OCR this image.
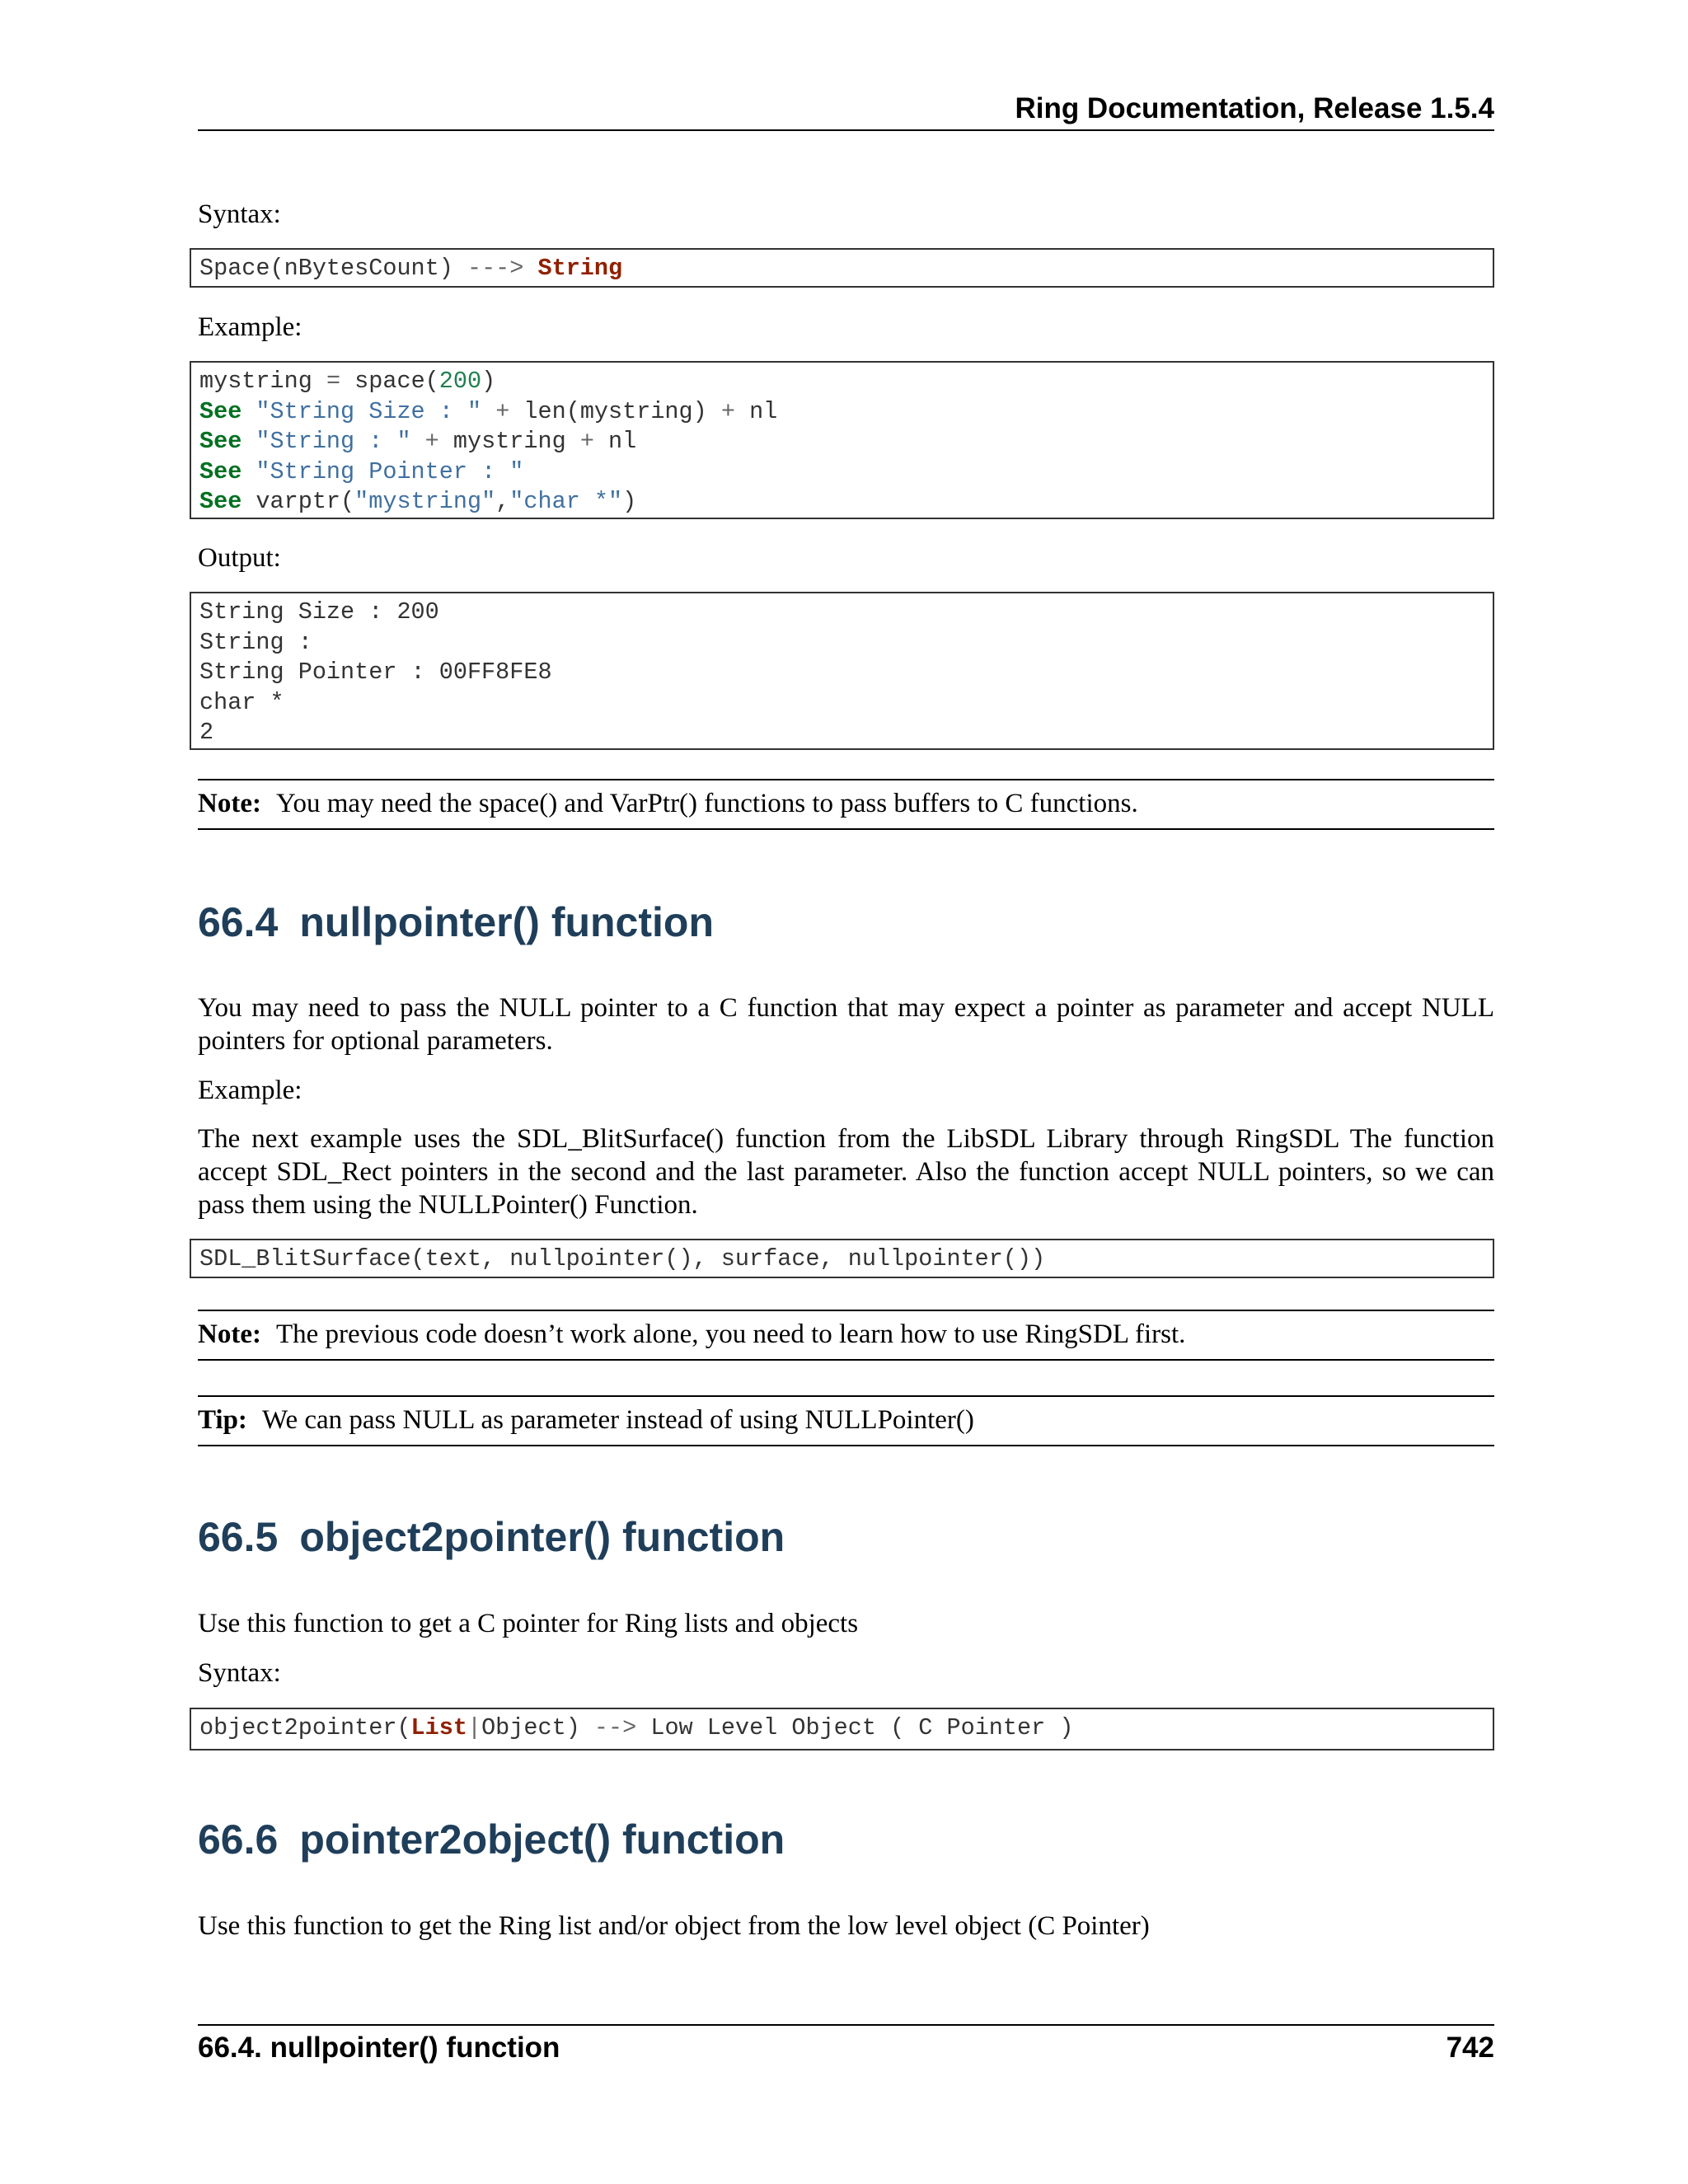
Ring Documentation, Release 1.5.4

Syntax:

Space(nBytesCount) ---> String

Example:

mystring = space(200)
See "String Size : " + len(mystring) + nl
See "String : " + mystring + nl
See "String Pointer : "
See varptr("mystring","char *")

Output:

String Size : 200
String :
String Pointer : 00FF8FE8
char *
2
Note: You may need the space() and VarPtr() functions to pass buffers to C functions.
66.4 nullpointer() function

You may need to pass the NULL pointer to a C function that may expect a pointer as parameter and accept NULL pointers for optional parameters.

Example:

The next example uses the SDL_BlitSurface() function from the LibSDL Library through RingSDL The function accept SDL_Rect pointers in the second and the last parameter. Also the function accept NULL pointers, so we can pass them using the NULLPointer() Function.

SDL_BlitSurface(text, nullpointer(), surface, nullpointer())
Note: The previous code doesn’t work alone, you need to learn how to use RingSDL first.
Tip: We can pass NULL as parameter instead of using NULLPointer()
66.5 object2pointer() function

Use this function to get a C pointer for Ring lists and objects

Syntax:

object2pointer(List|Object) --> Low Level Object ( C Pointer )
66.6 pointer2object() function

Use this function to get the Ring list and/or object from the low level object (C Pointer)

66.4. nullpointer() function	742
